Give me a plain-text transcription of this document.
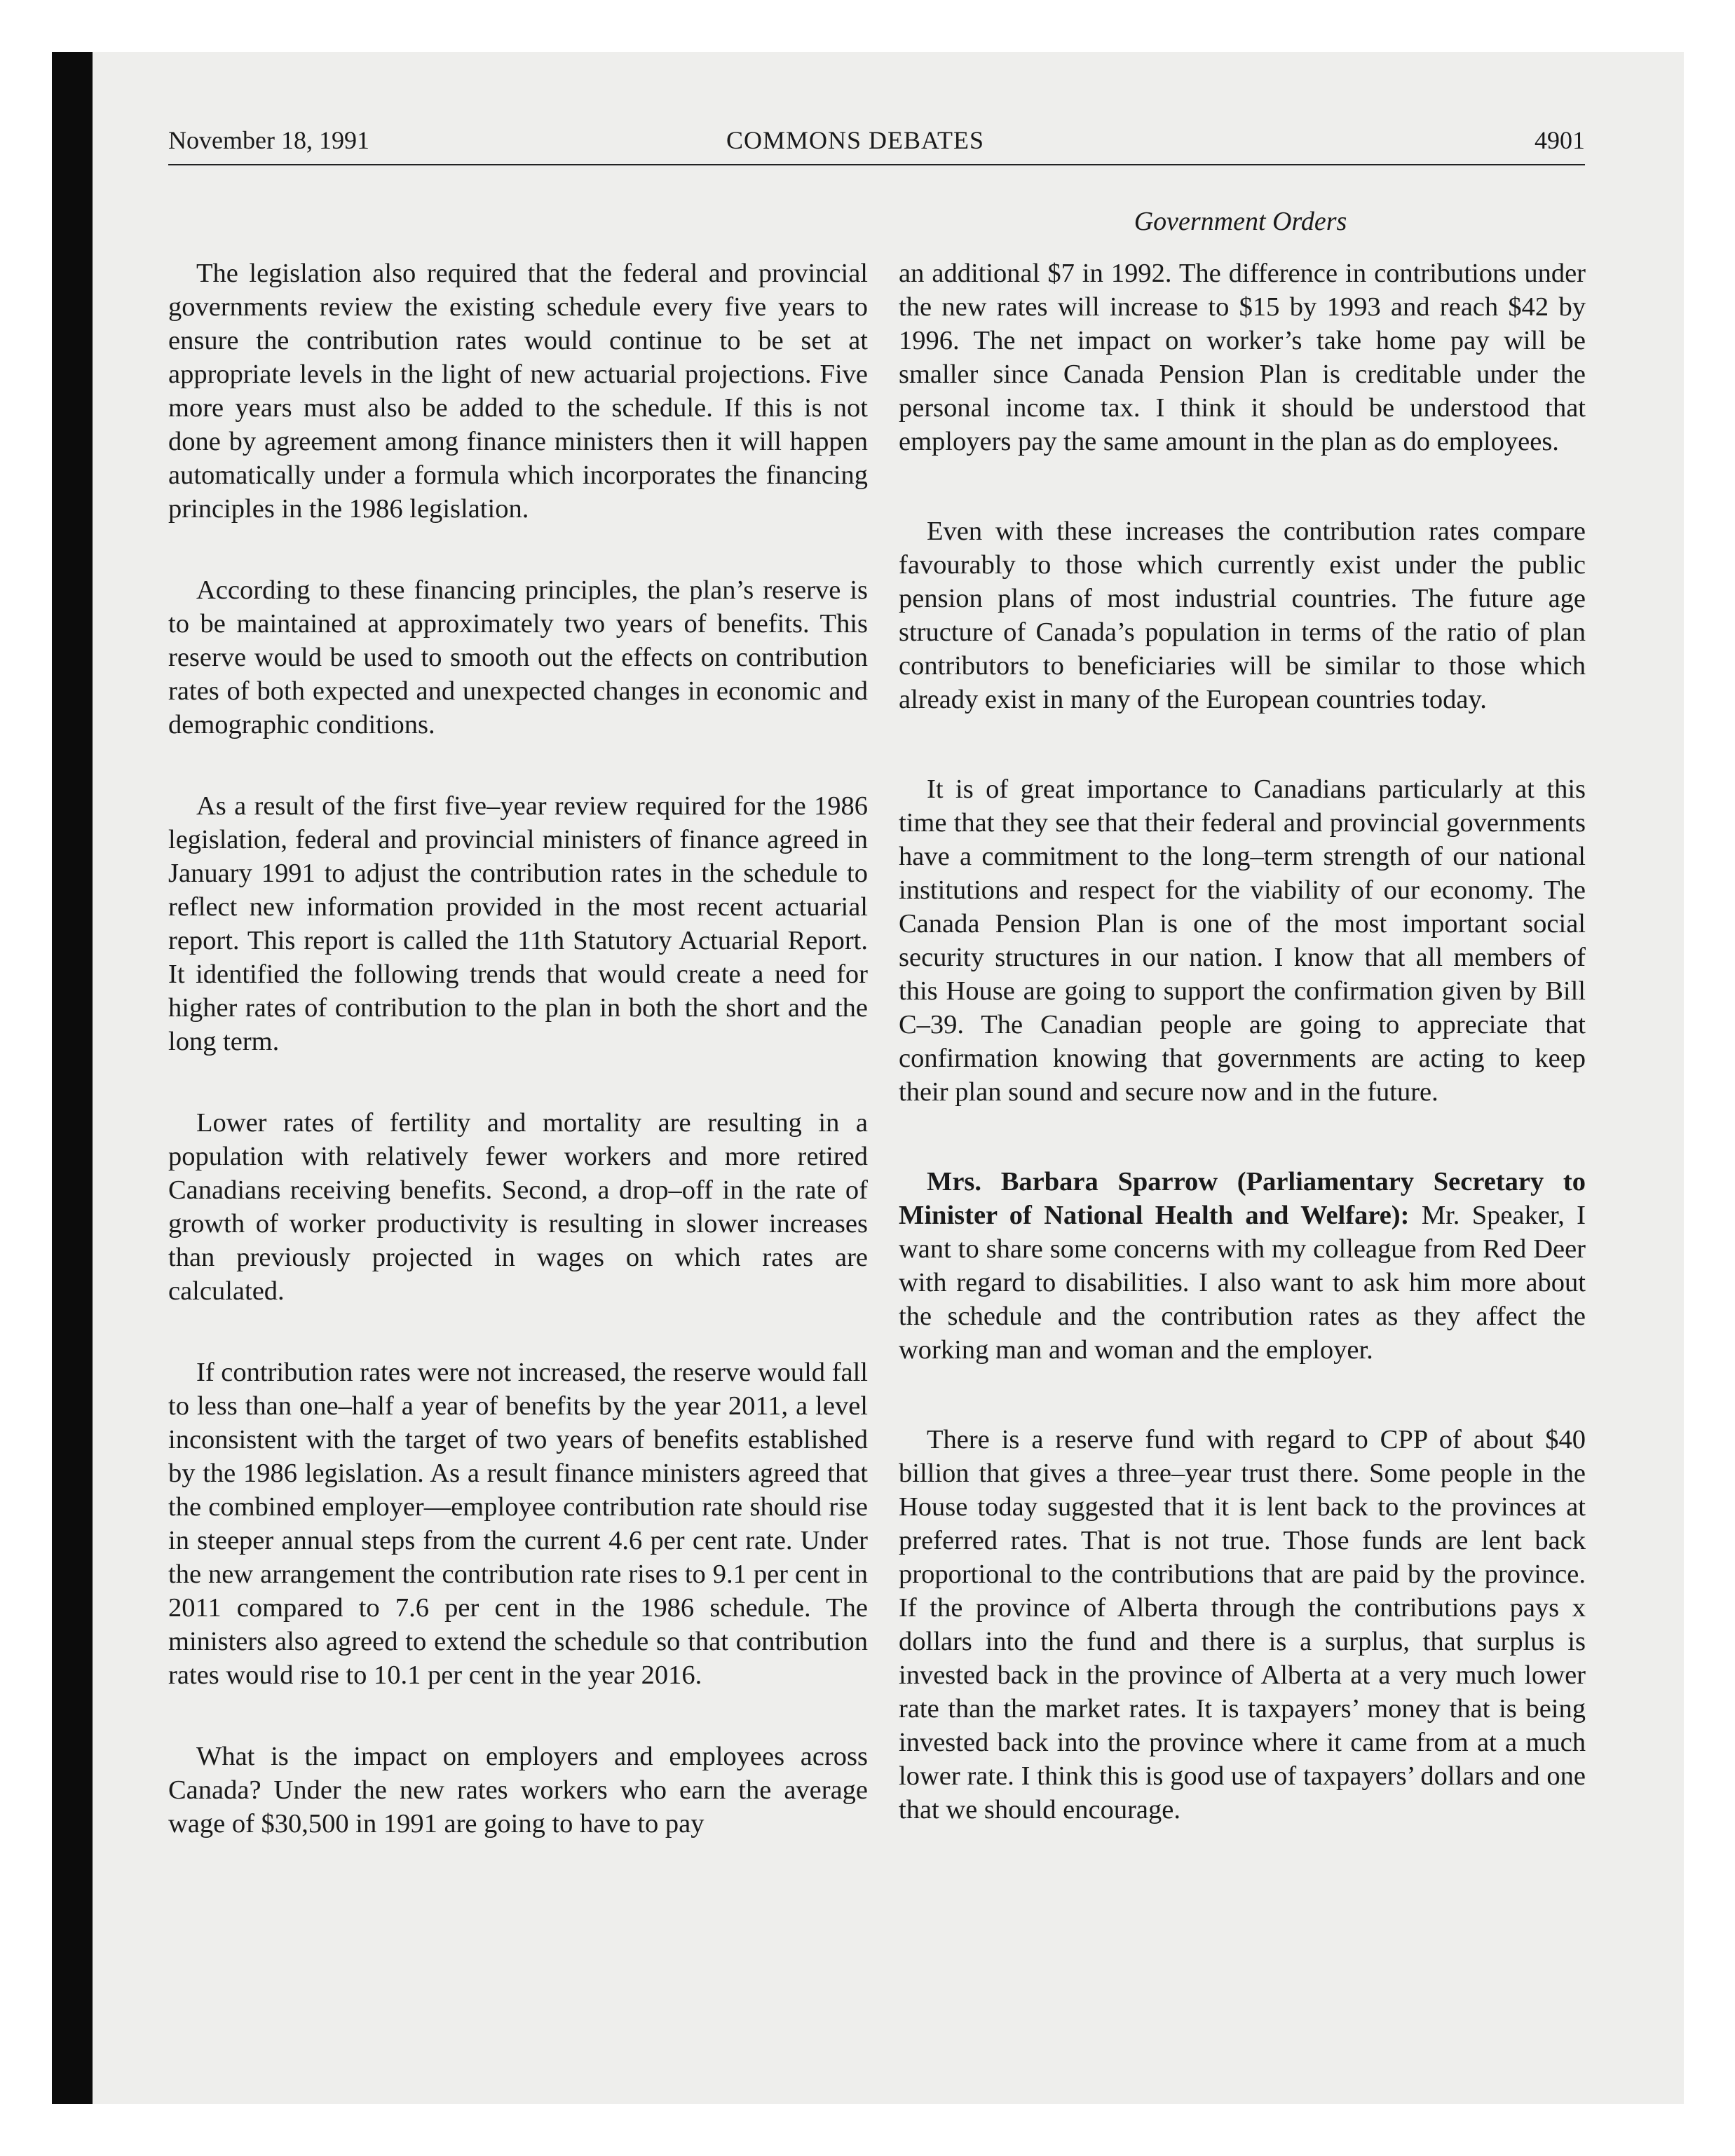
November 18, 1991	COMMONS DEBATES	4901
Government Orders

The legislation also required that the federal and provincial governments review the existing schedule every five years to ensure the contribution rates would continue to be set at appropriate levels in the light of new actuarial projections. Five more years must also be added to the schedule. If this is not done by agreement among finance ministers then it will happen automatically under a formula which incorporates the financing principles in the 1986 legislation.

According to these financing principles, the plan’s reserve is to be maintained at approximately two years of benefits. This reserve would be used to smooth out the effects on contribution rates of both expected and unexpected changes in economic and demographic conditions.

As a result of the first five–year review required for the 1986 legislation, federal and provincial ministers of finance agreed in January 1991 to adjust the contribution rates in the schedule to reflect new information provided in the most recent actuarial report. This report is called the 11th Statutory Actuarial Report. It identified the following trends that would create a need for higher rates of contribution to the plan in both the short and the long term.

Lower rates of fertility and mortality are resulting in a population with relatively fewer workers and more retired Canadians receiving benefits. Second, a drop–off in the rate of growth of worker productivity is resulting in slower increases than previously projected in wages on which rates are calculated.

If contribution rates were not increased, the reserve would fall to less than one–half a year of benefits by the year 2011, a level inconsistent with the target of two years of benefits established by the 1986 legislation. As a result finance ministers agreed that the combined employer—employee contribution rate should rise in steeper annual steps from the current 4.6 per cent rate. Under the new arrangement the contribution rate rises to 9.1 per cent in 2011 compared to 7.6 per cent in the 1986 schedule. The ministers also agreed to extend the schedule so that contribution rates would rise to 10.1 per cent in the year 2016.

What is the impact on employers and employees across Canada? Under the new rates workers who earn the average wage of $30,500 in 1991 are going to have to pay

an additional $7 in 1992. The difference in contributions under the new rates will increase to $15 by 1993 and reach $42 by 1996. The net impact on worker’s take home pay will be smaller since Canada Pension Plan is creditable under the personal income tax. I think it should be understood that employers pay the same amount in the plan as do employees.

Even with these increases the contribution rates compare favourably to those which currently exist under the public pension plans of most industrial countries. The future age structure of Canada’s population in terms of the ratio of plan contributors to beneficiaries will be similar to those which already exist in many of the European countries today.

It is of great importance to Canadians particularly at this time that they see that their federal and provincial governments have a commitment to the long–term strength of our national institutions and respect for the viability of our economy. The Canada Pension Plan is one of the most important social security structures in our nation. I know that all members of this House are going to support the confirmation given by Bill C–39. The Canadian people are going to appreciate that confirmation knowing that governments are acting to keep their plan sound and secure now and in the future.

Mrs. Barbara Sparrow (Parliamentary Secretary to Minister of National Health and Welfare): Mr. Speaker, I want to share some concerns with my colleague from Red Deer with regard to disabilities. I also want to ask him more about the schedule and the contribution rates as they affect the working man and woman and the employer.

There is a reserve fund with regard to CPP of about $40 billion that gives a three–year trust there. Some people in the House today suggested that it is lent back to the provinces at preferred rates. That is not true. Those funds are lent back proportional to the contributions that are paid by the province. If the province of Alberta through the contributions pays x dollars into the fund and there is a surplus, that surplus is invested back in the province of Alberta at a very much lower rate than the market rates. It is taxpayers’ money that is being invested back into the province where it came from at a much lower rate. I think this is good use of taxpayers’ dollars and one that we should encourage.
